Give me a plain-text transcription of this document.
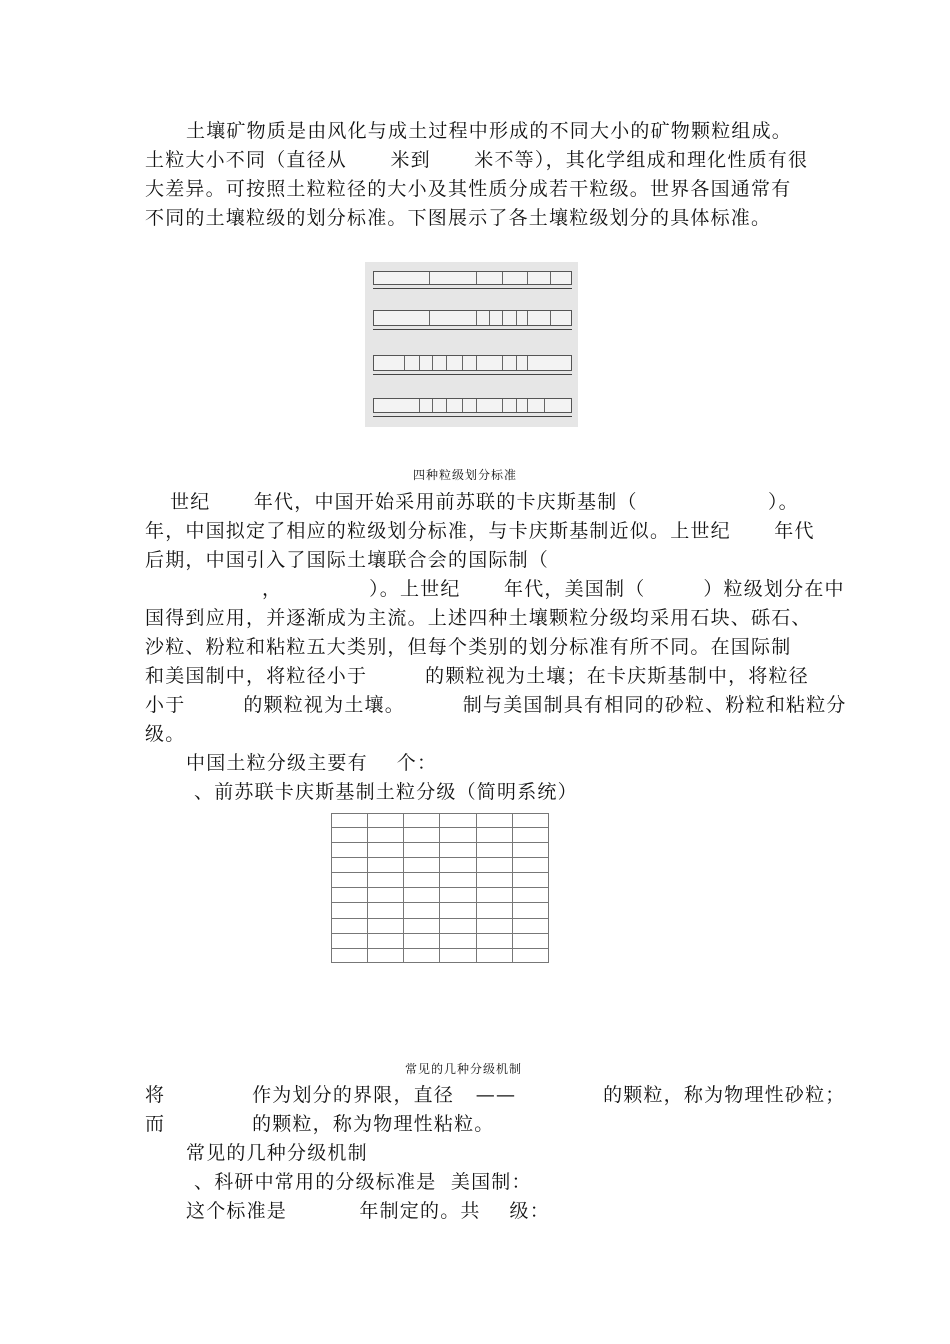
土壤矿物质是由风化与成土过程中形成的不同大小的矿物颗粒组成。
土粒大小不同（直径从      米到      米不等），其化学组成和理化性质有很
大差异。可按照土粒粒径的大小及其性质分成若干粒级。世界各国通常有
不同的土壤粒级的划分标准。下图展示了各土壤粒级划分的具体标准。
四种粒级划分标准
世纪      年代，中国开始采用前苏联的卡庆斯基制（                  ）。
年，中国拟定了相应的粒级划分标准，与卡庆斯基制近似。上世纪      年代
后期，中国引入了国际土壤联合会的国际制（
，            ）。上世纪      年代，美国制（        ）粒级划分在中
国得到应用，并逐渐成为主流。上述四种土壤颗粒分级均采用石块、砾石、
沙粒、粉粒和粘粒五大类别，但每个类别的划分标准有所不同。在国际制
和美国制中，将粒径小于        的颗粒视为土壤；在卡庆斯基制中，将粒径
小于        的颗粒视为土壤。        制与美国制具有相同的砂粒、粉粒和粘粒分
级。
中国土粒分级主要有    个：
、前苏联卡庆斯基制土粒分级（简明系统）

常见的几种分级机制
将            作为划分的界限，直径   ——            的颗粒，称为物理性砂粒；
而            的颗粒，称为物理性粘粒。
常见的几种分级机制
、科研中常用的分级标准是  美国制：
这个标准是          年制定的。共    级：
